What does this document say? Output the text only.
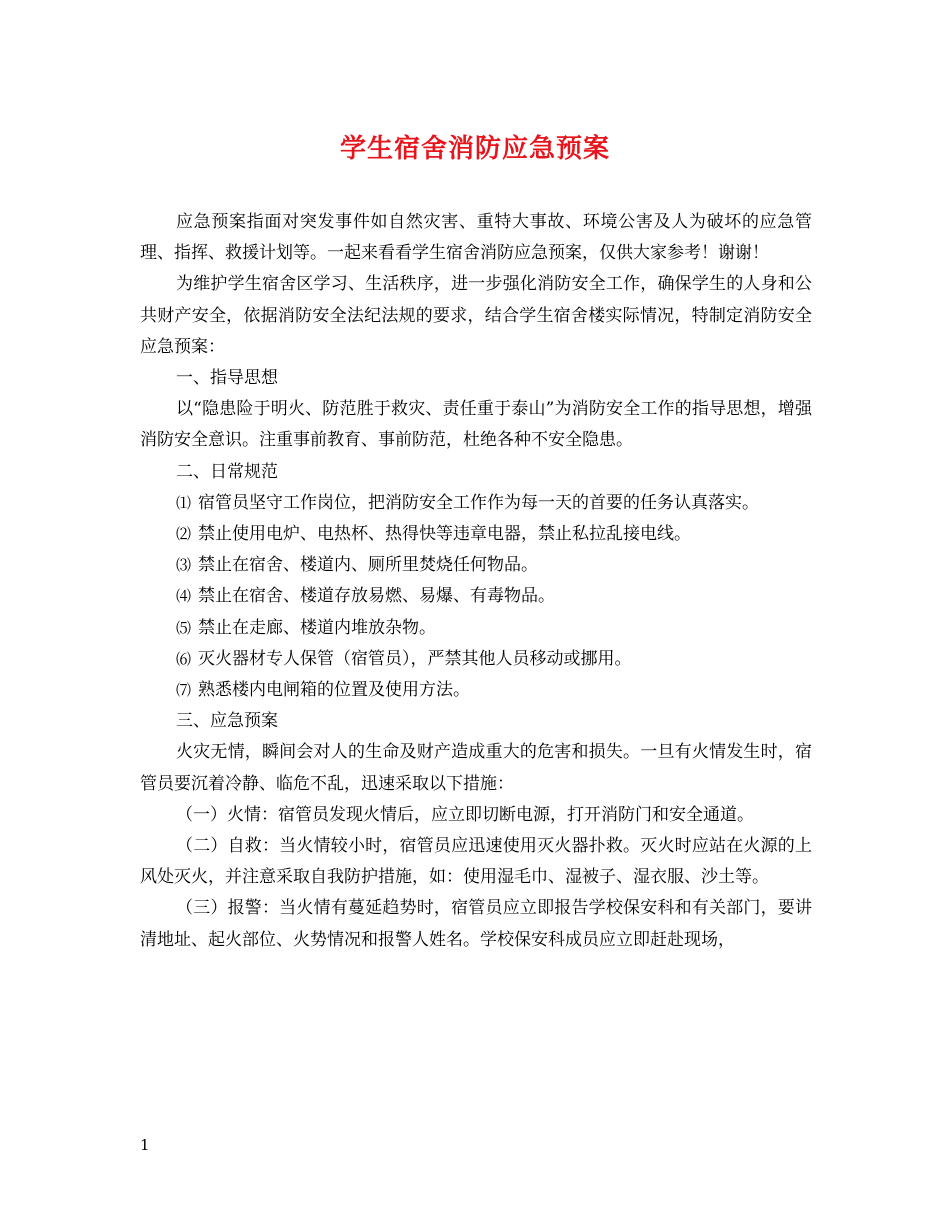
学生宿舍消防应急预案

应急预案指面对突发事件如自然灾害、重特大事故、环境公害及人为破坏的应急管理、指挥、救援计划等。一起来看看学生宿舍消防应急预案，仅供大家参考！谢谢！

为维护学生宿舍区学习、生活秩序，进一步强化消防安全工作，确保学生的人身和公共财产安全，依据消防安全法纪法规的要求，结合学生宿舍楼实际情况，特制定消防安全应急预案：

一、指导思想

以“隐患险于明火、防范胜于救灾、责任重于泰山”为消防安全工作的指导思想，增强消防安全意识。注重事前教育、事前防范，杜绝各种不安全隐患。

二、日常规范

⑴ 宿管员坚守工作岗位，把消防安全工作作为每一天的首要的任务认真落实。

⑵ 禁止使用电炉、电热杯、热得快等违章电器，禁止私拉乱接电线。

⑶ 禁止在宿舍、楼道内、厕所里焚烧任何物品。

⑷ 禁止在宿舍、楼道存放易燃、易爆、有毒物品。

⑸ 禁止在走廊、楼道内堆放杂物。

⑹ 灭火器材专人保管（宿管员），严禁其他人员移动或挪用。

⑺ 熟悉楼内电闸箱的位置及使用方法。

三、应急预案

火灾无情，瞬间会对人的生命及财产造成重大的危害和损失。一旦有火情发生时，宿管员要沉着冷静、临危不乱，迅速采取以下措施：

（一）火情：宿管员发现火情后，应立即切断电源，打开消防门和安全通道。

（二）自救：当火情较小时，宿管员应迅速使用灭火器扑救。灭火时应站在火源的上风处灭火，并注意采取自我防护措施，如：使用湿毛巾、湿被子、湿衣服、沙土等。

（三）报警：当火情有蔓延趋势时，宿管员应立即报告学校保安科和有关部门，要讲清地址、起火部位、火势情况和报警人姓名。学校保安科成员应立即赶赴现场，

1
